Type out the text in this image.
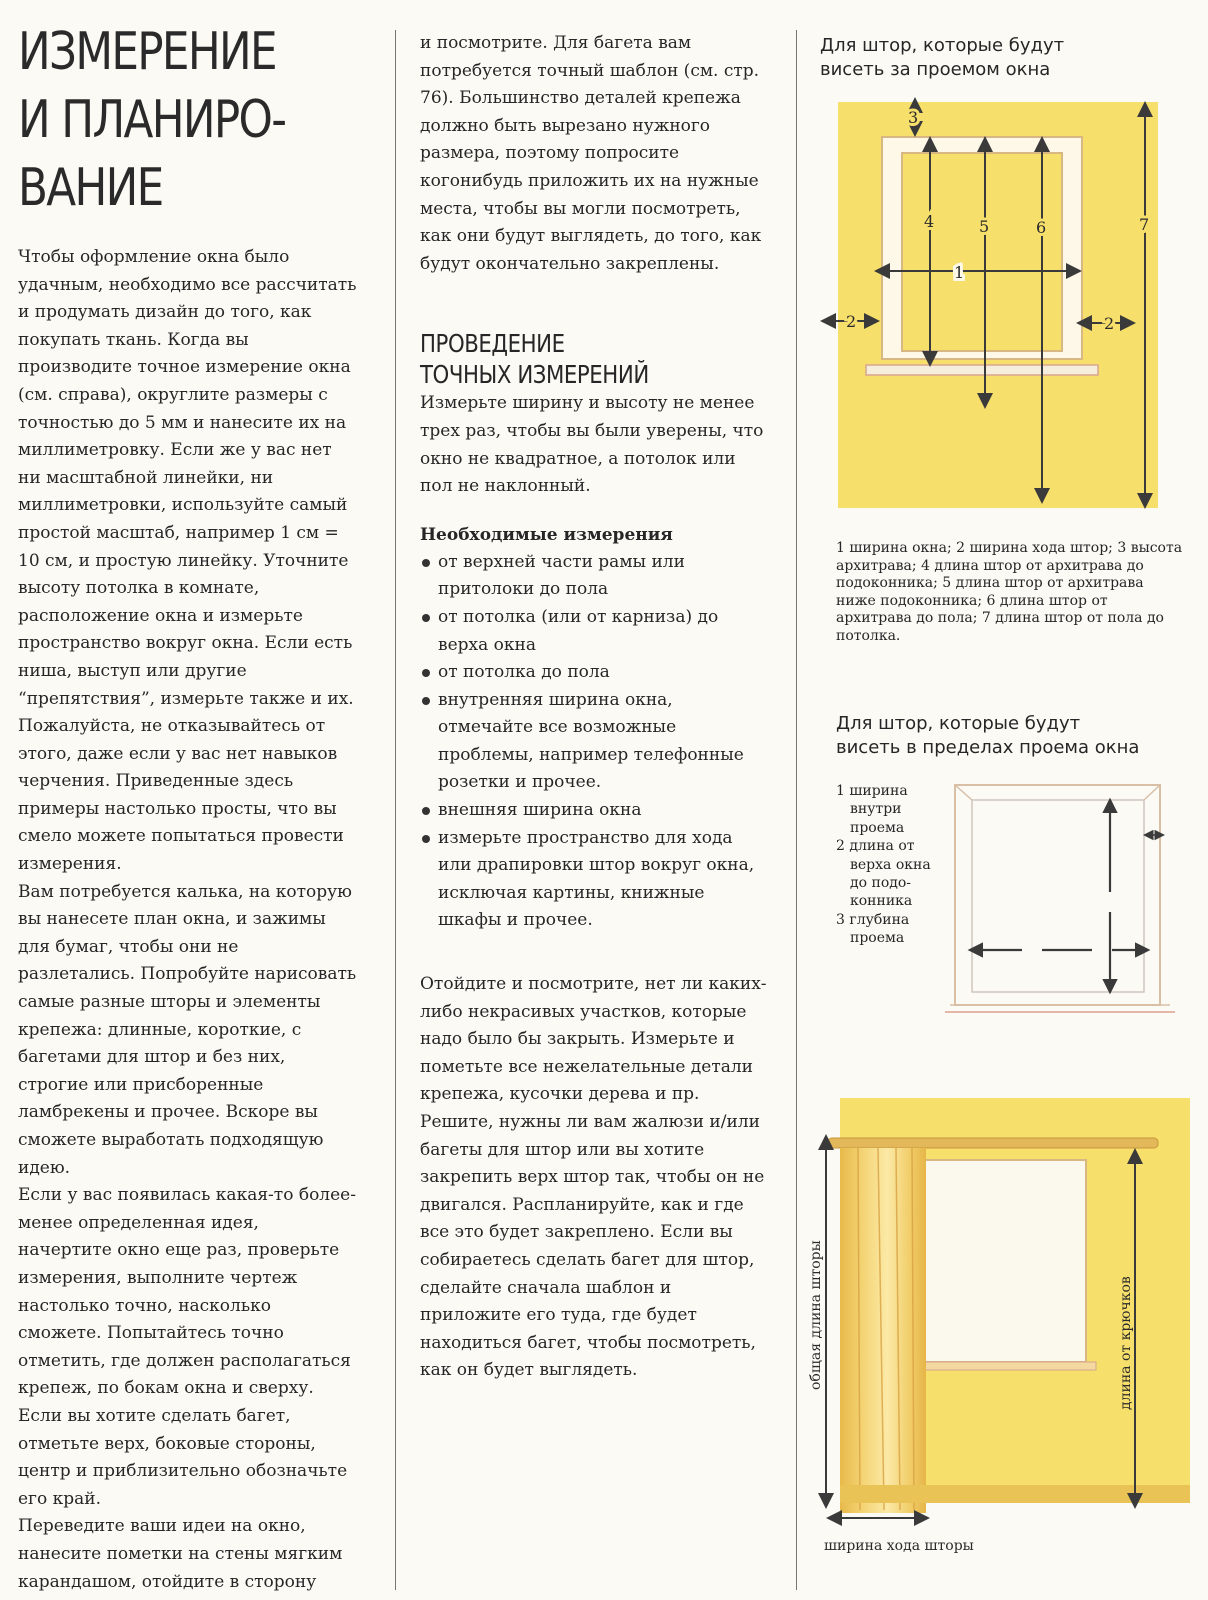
ИЗМЕРЕНИЕ
И ПЛАНИРО-
ВАНИЕ

Чтобы оформление окна было удачным, необходимо все рассчитать и продумать дизайн до того, как покупать ткань. Когда вы производите точное измерение окна (см. справа), округлите размеры с точностью до 5 мм и нанесите их на миллиметровку. Если же у вас нет ни масштабной линейки, ни миллиметровки, используйте самый простой масштаб, например 1 см = 10 см, и простую линейку. Уточните высоту потолка в комнате, расположение окна и измерьте пространство вокруг окна. Если есть ниша, выступ или другие “препятствия”, измерьте также и их. Пожалуйста, не отказывайтесь от этого, даже если у вас нет навыков черчения. Приведенные здесь примеры настолько просты, что вы смело можете попытаться провести измерения.

Вам потребуется калька, на которую вы нанесете план окна, и зажимы для бумаг, чтобы они не разлетались. Попробуйте нарисовать самые разные шторы и элементы крепежа: длинные, короткие, с багетами для штор и без них, строгие или присборенные ламбрекены и прочее. Вскоре вы сможете выработать подходящую идею.

Если у вас появилась какая-то более-менее определенная идея, начертите окно еще раз, проверьте измерения, выполните чертеж настолько точно, насколько сможете. Попытайтесь точно отметить, где должен располагаться крепеж, по бокам окна и сверху. Если вы хотите сделать багет, отметьте верх, боковые стороны, центр и приблизительно обозначьте его край.

Переведите ваши идеи на окно, нанесите пометки на стены мягким карандашом, отойдите в сторону

и посмотрите. Для багета вам потребуется точный шаблон (см. стр. 76). Большинство деталей крепежа должно быть вырезано нужного размера, поэтому попросите когонибудь приложить их на нужные места, чтобы вы могли посмотреть, как они будут выглядеть, до того, как будут окончательно закреплены.

ПРОВЕДЕНИЕ
ТОЧНЫХ ИЗМЕРЕНИЙ

Измерьте ширину и высоту не менее трех раз, чтобы вы были уверены, что окно не квадратное, а потолок или пол не наклонный.

Необходимые измерения

от верхней части рамы или притолоки до пола
от потолка (или от карниза) до верха окна
от потолка до пола
внутренняя ширина окна, отмечайте все возможные проблемы, например телефонные розетки и прочее.
внешняя ширина окна
измерьте пространство для хода или драпировки штор вокруг окна, исключая картины, книжные шкафы и прочее.

Отойдите и посмотрите, нет ли каких-либо некрасивых участков, которые надо было бы закрыть. Измерьте и пометьте все нежелательные детали крепежа, кусочки дерева и пр. Решите, нужны ли вам жалюзи и/или багеты для штор или вы хотите закрепить верх штор так, чтобы он не двигался. Распланируйте, как и где все это будет закреплено. Если вы собираетесь сделать багет для штор, сделайте сначала шаблон и приложите его туда, где будет находиться багет, чтобы посмотреть, как он будет выглядеть.

Для штор, которые будут

висеть за проемом окна

1
2	2
3
4	5	6	7

1 ширина окна; 2 ширина хода штор; 3 высота архитрава; 4 длина штор от архитрава до подоконника; 5 длина штор от архитрава ниже подоконника; 6 длина штор от архитрава до пола; 7 длина штор от пола до потолка.

Для штор, которые будут

висеть в пределах проема окна

1 ширина
внутри
проема
2 длина от
верха окна
до подо-
конника
3 глубина
проема
общая длина шторы	длина от крючков
ширина хода шторы
